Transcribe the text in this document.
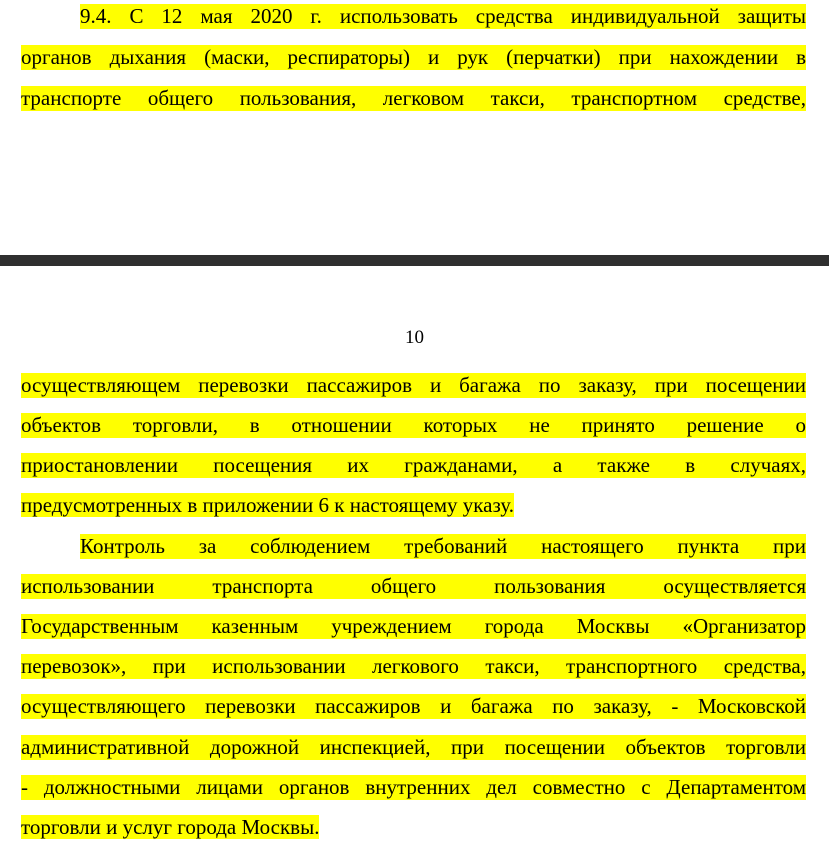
9.4. С 12 мая 2020 г. использовать средства индивидуальной защиты
органов дыхания (маски, респираторы) и рук (перчатки) при нахождении в
транспорте общего пользования, легковом такси, транспортном средстве,
10
осуществляющем перевозки пассажиров и багажа по заказу, при посещении
объектов торговли, в отношении которых не принято решение о
приостановлении посещения их гражданами, а также в случаях,
предусмотренных в приложении 6 к настоящему указу.
Контроль за соблюдением требований настоящего пункта при
использовании транспорта общего пользования осуществляется
Государственным казенным учреждением города Москвы «Организатор
перевозок», при использовании легкового такси, транспортного средства,
осуществляющего перевозки пассажиров и багажа по заказу, - Московской
административной дорожной инспекцией, при посещении объектов торговли
- должностными лицами органов внутренних дел совместно с Департаментом
торговли и услуг города Москвы.
